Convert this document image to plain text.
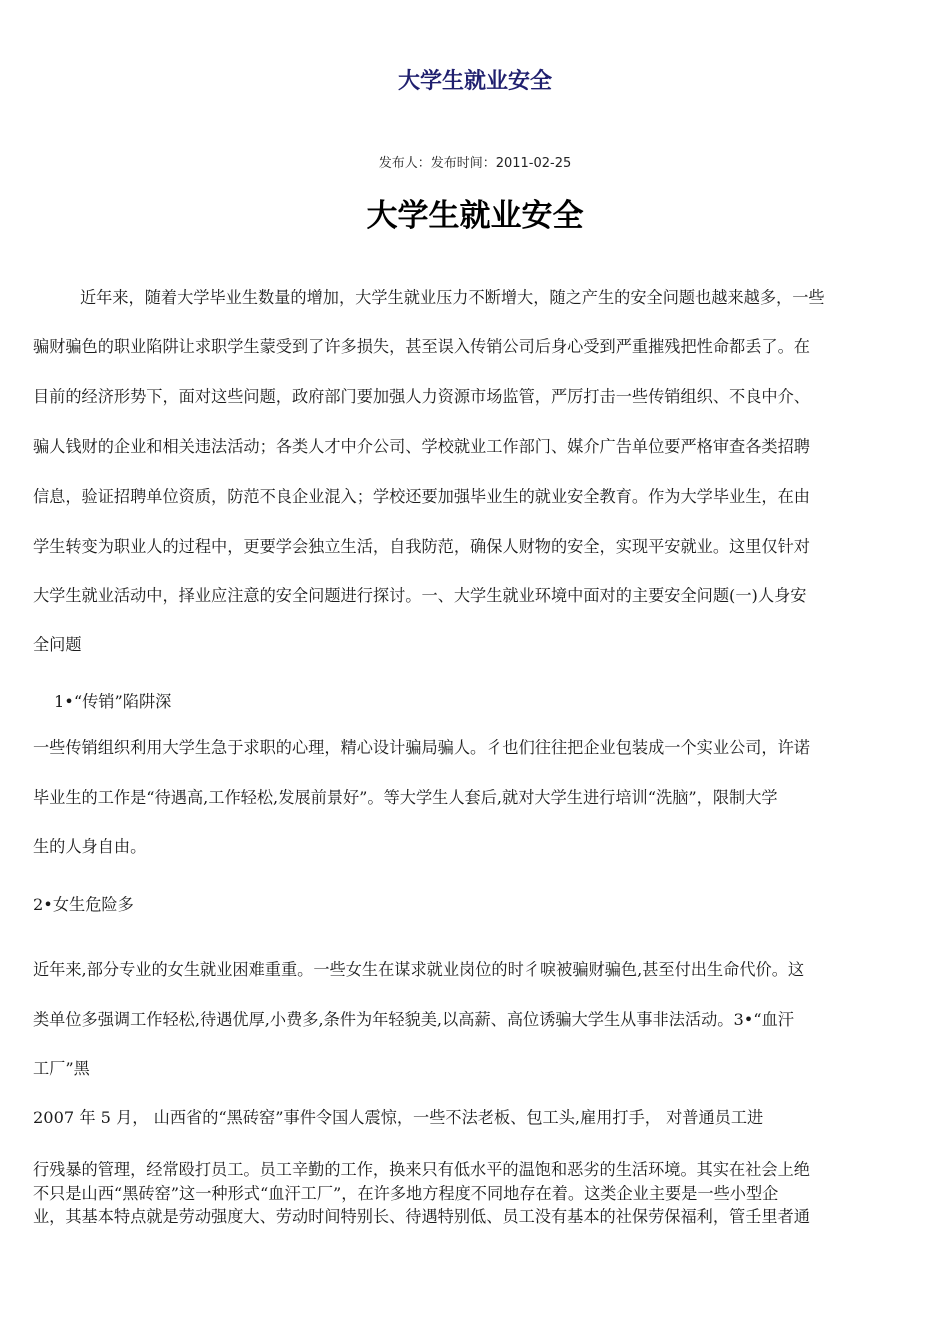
大学生就业安全
发布人：发布时间：2011-02-25
大学生就业安全
近年来，随着大学毕业生数量的增加，大学生就业压力不断增大，随之产生的安全问题也越来越多，一些
骗财骗色的职业陷阱让求职学生蒙受到了许多损失，甚至误入传销公司后身心受到严重摧残把性命都丢了。在
目前的经济形势下，面对这些问题，政府部门要加强人力资源市场监管，严厉打击一些传销组织、不良中介、
骗人钱财的企业和相关违法活动；各类人才中介公司、学校就业工作部门、媒介广告单位要严格审查各类招聘
信息，验证招聘单位资质，防范不良企业混入；学校还要加强毕业生的就业安全教育。作为大学毕业生，在由
学生转变为职业人的过程中，更要学会独立生活，自我防范，确保人财物的安全，实现平安就业。这里仅针对
大学生就业活动中，择业应注意的安全问题进行探讨。一、大学生就业环境中面对的主要安全问题(一)人身安
全问题
1•“传销”陷阱深
一些传销组织利用大学生急于求职的心理，精心设计骗局骗人。彳也们往往把企业包装成一个实业公司，许诺
毕业生的工作是“待遇高,工作轻松,发展前景好”。等大学生人套后,就对大学生进行培训“洗脑”，限制大学
生的人身自由。
2•女生危险多
近年来,部分专业的女生就业困难重重。一些女生在谋求就业岗位的时彳唳被骗财骗色,甚至付出生命代价。这
类单位多强调工作轻松,待遇优厚,小费多,条件为年轻貌美,以高薪、高位诱骗大学生从事非法活动。3•“血汗
工厂”黑
2007 年 5 月， 山西省的“黑砖窑”事件令国人震惊，一些不法老板、包工头,雇用打手， 对普通员工进
行残暴的管理，经常殴打员工。员工辛勤的工作，换来只有低水平的温饱和恶劣的生活环境。其实在社会上绝
不只是山西“黑砖窑”这一种形式“血汗工厂”，在许多地方程度不同地存在着。这类企业主要是一些小型企
业，其基本特点就是劳动强度大、劳动时间特别长、待遇特别低、员工没有基本的社保劳保福利，管壬里者通
